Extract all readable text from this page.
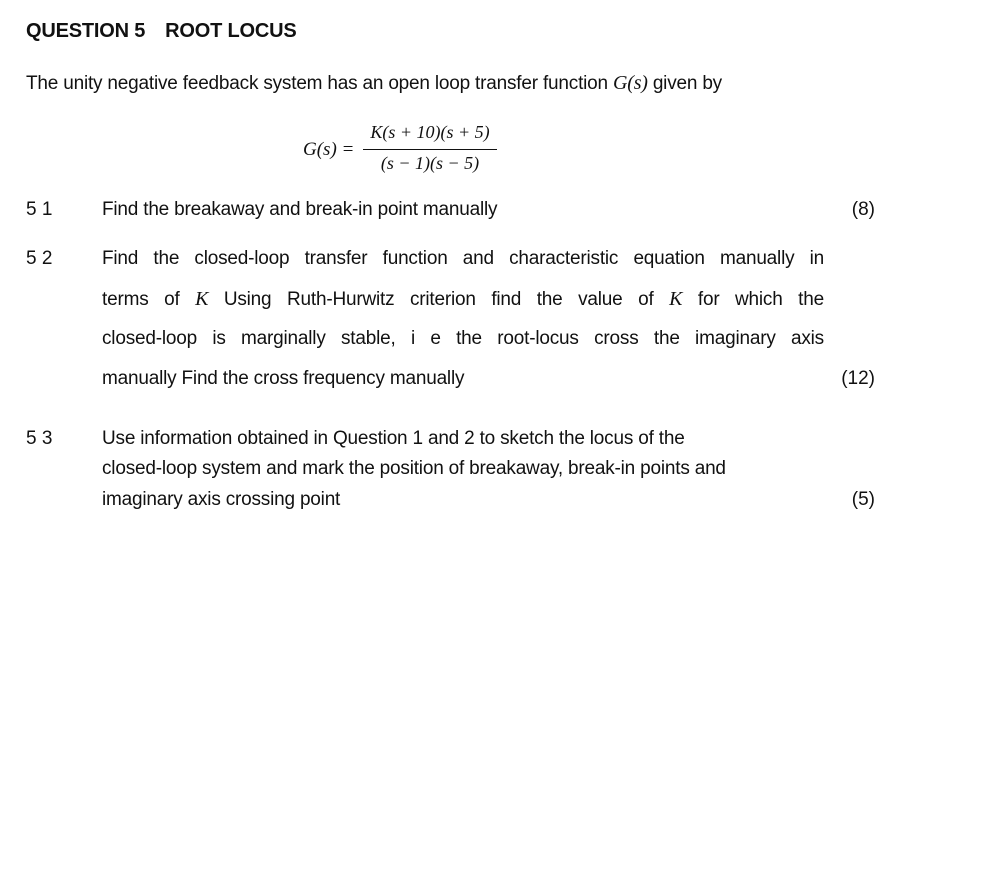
QUESTION 5 ROOT LOCUS
The unity negative feedback system has an open loop transfer function G(s) given by
G(s) =
K(s + 10)(s + 5)
(s − 1)(s − 5)
5 1	Find the breakaway and break-in point manually	(8)
5 2	Find the closed-loop transfer function and characteristic equation manually in
terms of K Using Ruth-Hurwitz criterion find the value of K for which the
closed-loop is marginally stable, i e the root-locus cross the imaginary axis
manually Find the cross frequency manually	(12)
5 3	Use information obtained in Question 1 and 2 to sketch the locus of the
closed-loop system and mark the position of breakaway, break-in points and
imaginary axis crossing point	(5)
